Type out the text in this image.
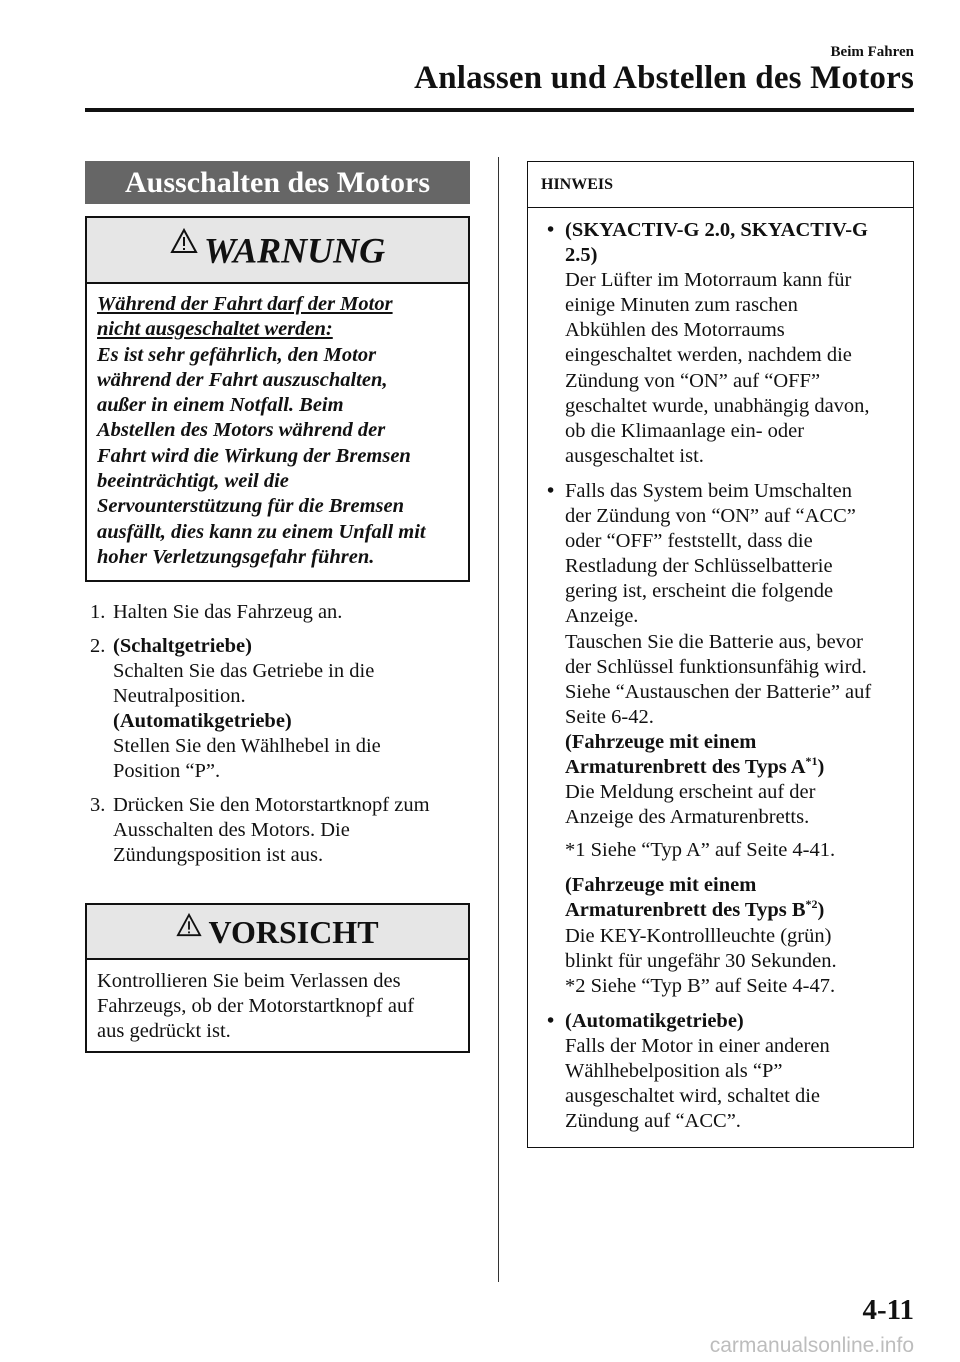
Beim Fahren
Anlassen und Abstellen des Motors
Ausschalten des Motors
WARNUNG
Während der Fahrt darf der Motor
nicht ausgeschaltet werden:
Es ist sehr gefährlich, den Motor
während der Fahrt auszuschalten,
außer in einem Notfall. Beim
Abstellen des Motors während der
Fahrt wird die Wirkung der Bremsen
beeinträchtigt, weil die
Servounterstützung für die Bremsen
ausfällt, dies kann zu einem Unfall mit
hoher Verletzungsgefahr führen.
1. Halten Sie das Fahrzeug an.
2. (Schaltgetriebe)
Schalten Sie das Getriebe in die
Neutralposition.
(Automatikgetriebe)
Stellen Sie den Wählhebel in die
Position “P”.
3. Drücken Sie den Motorstartknopf zum
Ausschalten des Motors. Die
Zündungsposition ist aus.
VORSICHT
Kontrollieren Sie beim Verlassen des
Fahrzeugs, ob der Motorstartknopf auf
aus gedrückt ist.
HINWEIS
• (SKYACTIV-G 2.0, SKYACTIV-G
2.5)
Der Lüfter im Motorraum kann für
einige Minuten zum raschen
Abkühlen des Motorraums
eingeschaltet werden, nachdem die
Zündung von “ON” auf “OFF”
geschaltet wurde, unabhängig davon,
ob die Klimaanlage ein- oder
ausgeschaltet ist.
• Falls das System beim Umschalten
der Zündung von “ON” auf “ACC”
oder “OFF” feststellt, dass die
Restladung der Schlüsselbatterie
gering ist, erscheint die folgende
Anzeige.
Tauschen Sie die Batterie aus, bevor
der Schlüssel funktionsunfähig wird.
Siehe “Austauschen der Batterie” auf
Seite 6-42.
(Fahrzeuge mit einem
Armaturenbrett des Typs $A^{*1}$)
Die Meldung erscheint auf der
Anzeige des Armaturenbretts.
*1 Siehe “Typ A” auf Seite 4-41.
(Fahrzeuge mit einem
Armaturenbrett des Typs $B^{*2}$)
Die KEY-Kontrollleuchte (grün)
blinkt für ungefähr 30 Sekunden.
*2 Siehe “Typ B” auf Seite 4-47.
• (Automatikgetriebe)
Falls der Motor in einer anderen
Wählhebelposition als “P”
ausgeschaltet wird, schaltet die
Zündung auf “ACC”.
4-11
carmanualsonline.info
